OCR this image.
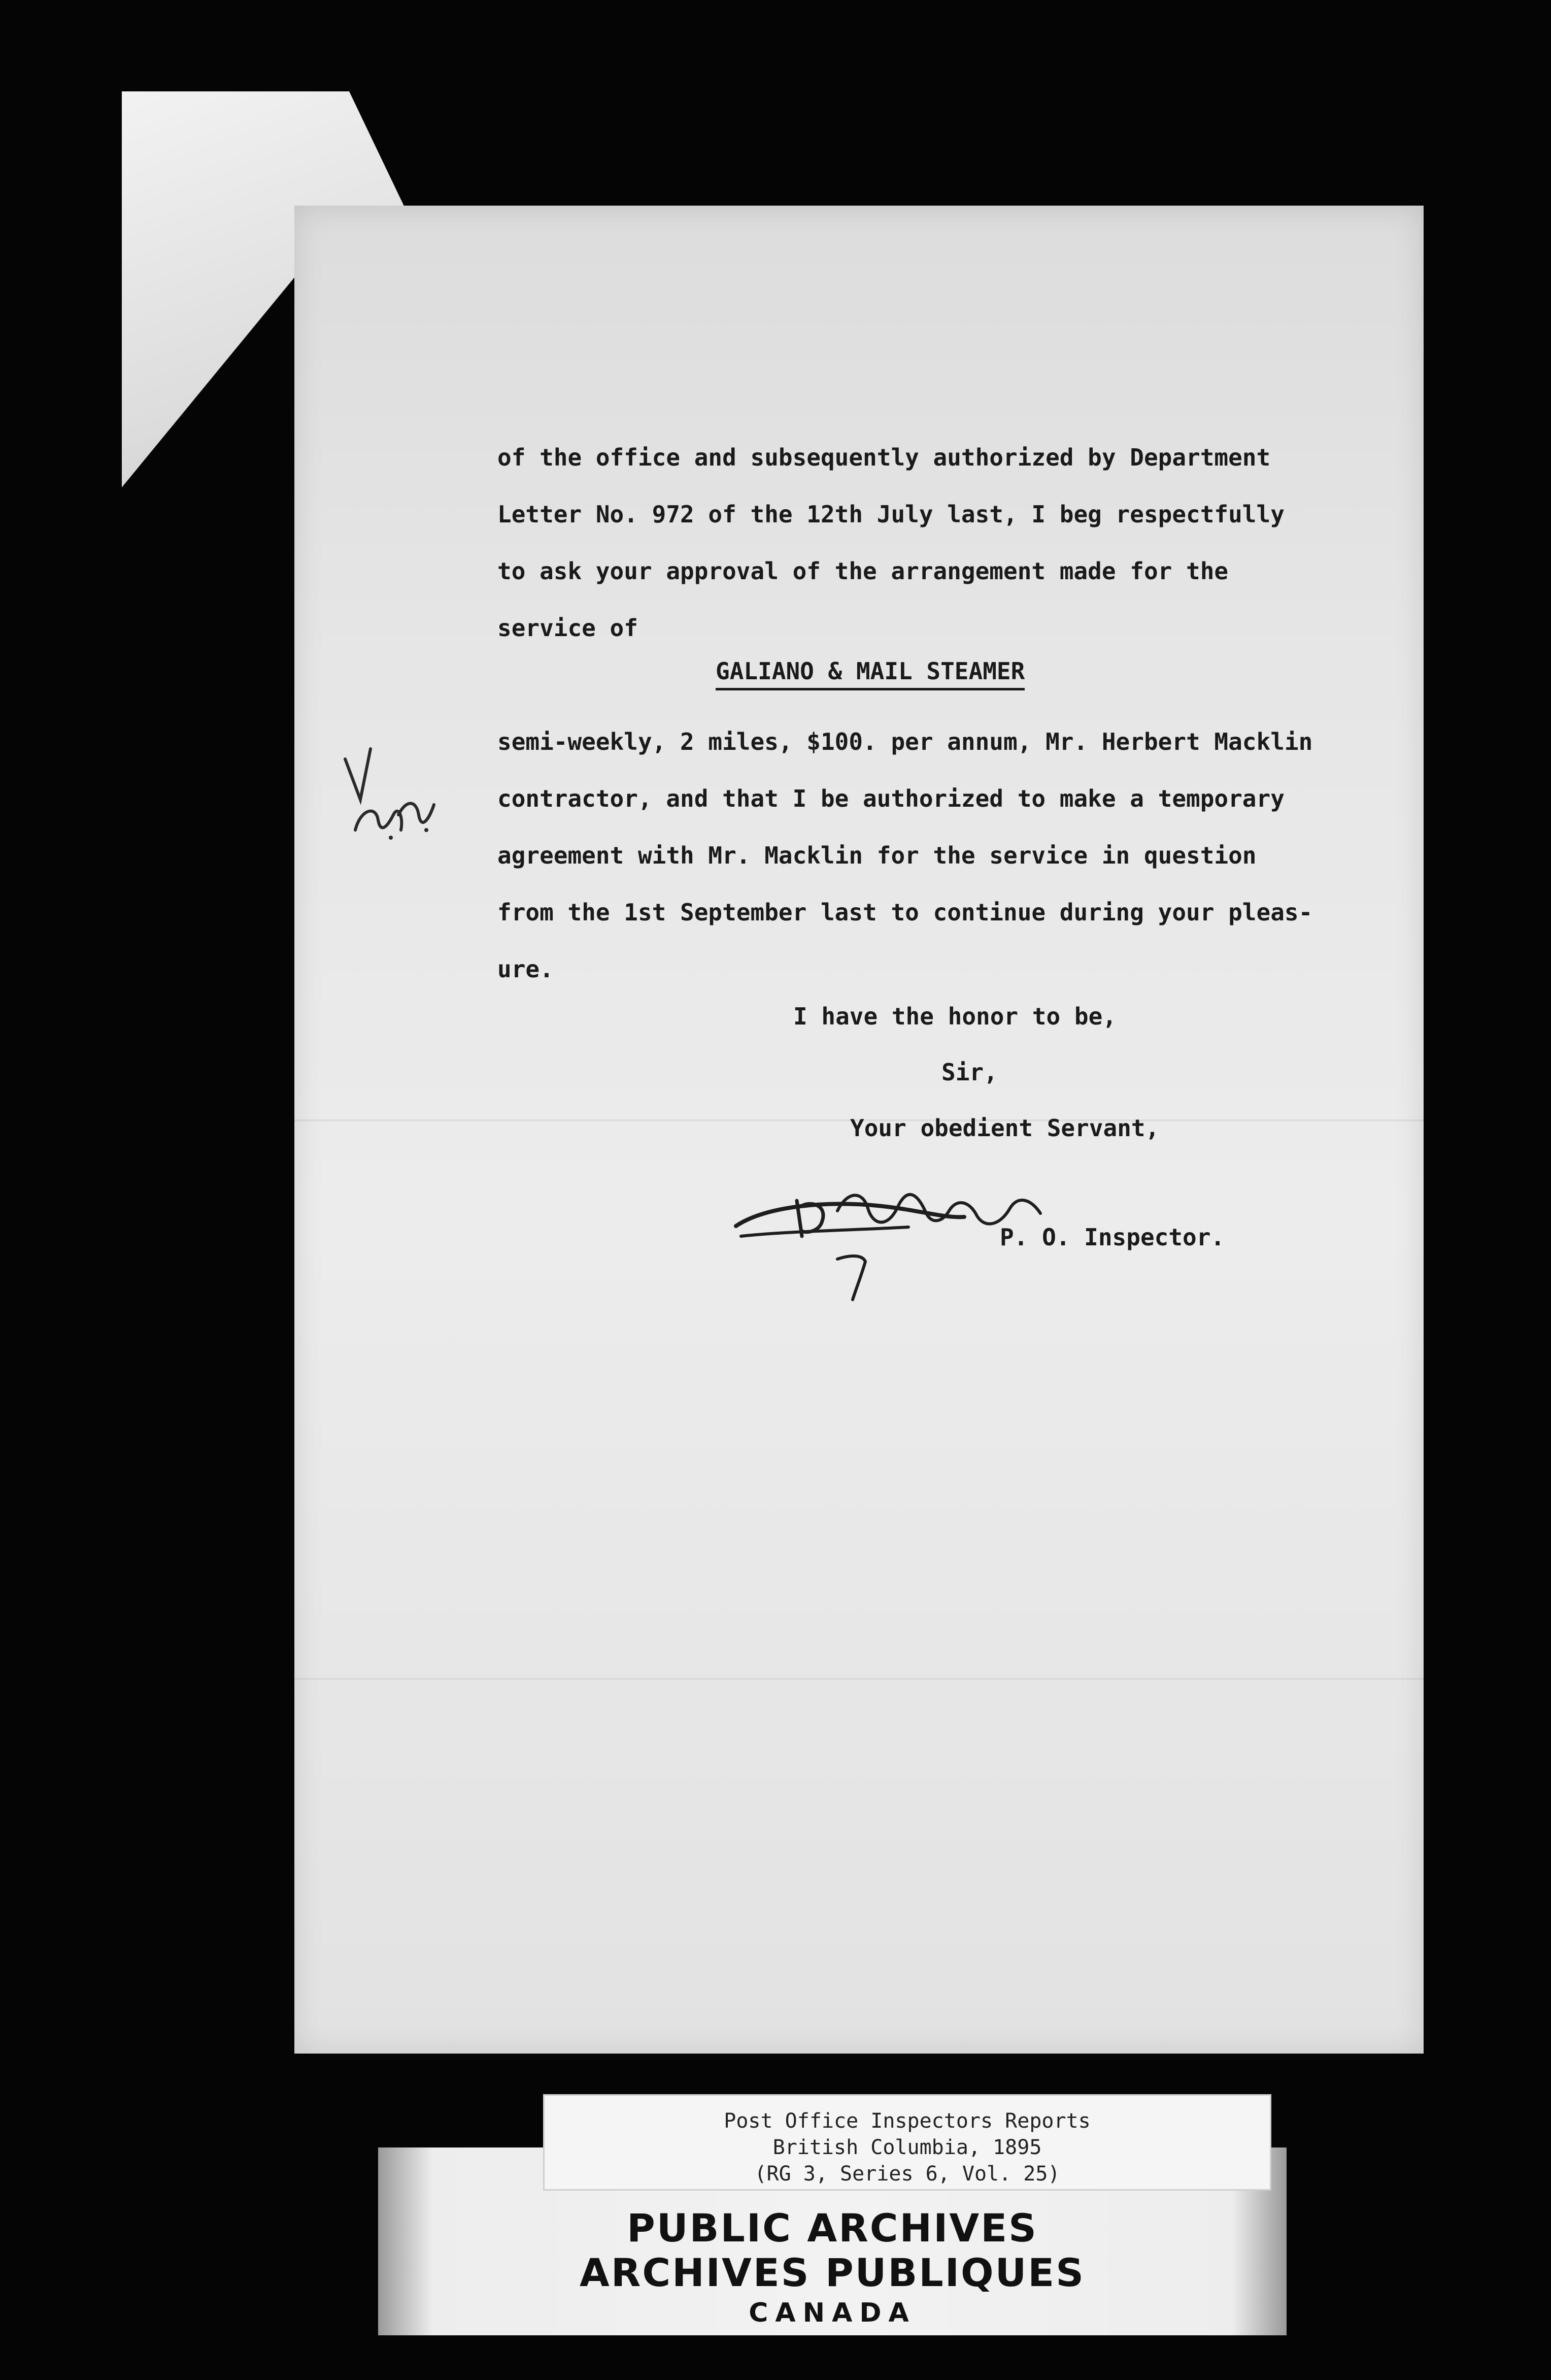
of the office and subsequently authorized by Department
Letter No. 972 of the 12th July last, I beg respectfully
to ask your approval of the arrangement made for the
service of
GALIANO & MAIL STEAMER
semi-weekly, 2 miles, $100. per annum, Mr. Herbert Macklin
contractor, and that I be authorized to make a temporary
agreement with Mr. Macklin for the service in question
from the 1st September last to continue during your pleas-
ure.
I have the honor to be,
Sir,
Your obedient Servant,
P. O. Inspector.
Post Office Inspectors Reports
British Columbia, 1895
(RG 3, Series 6, Vol. 25)
PUBLIC ARCHIVES
ARCHIVES PUBLIQUES
CANADA
